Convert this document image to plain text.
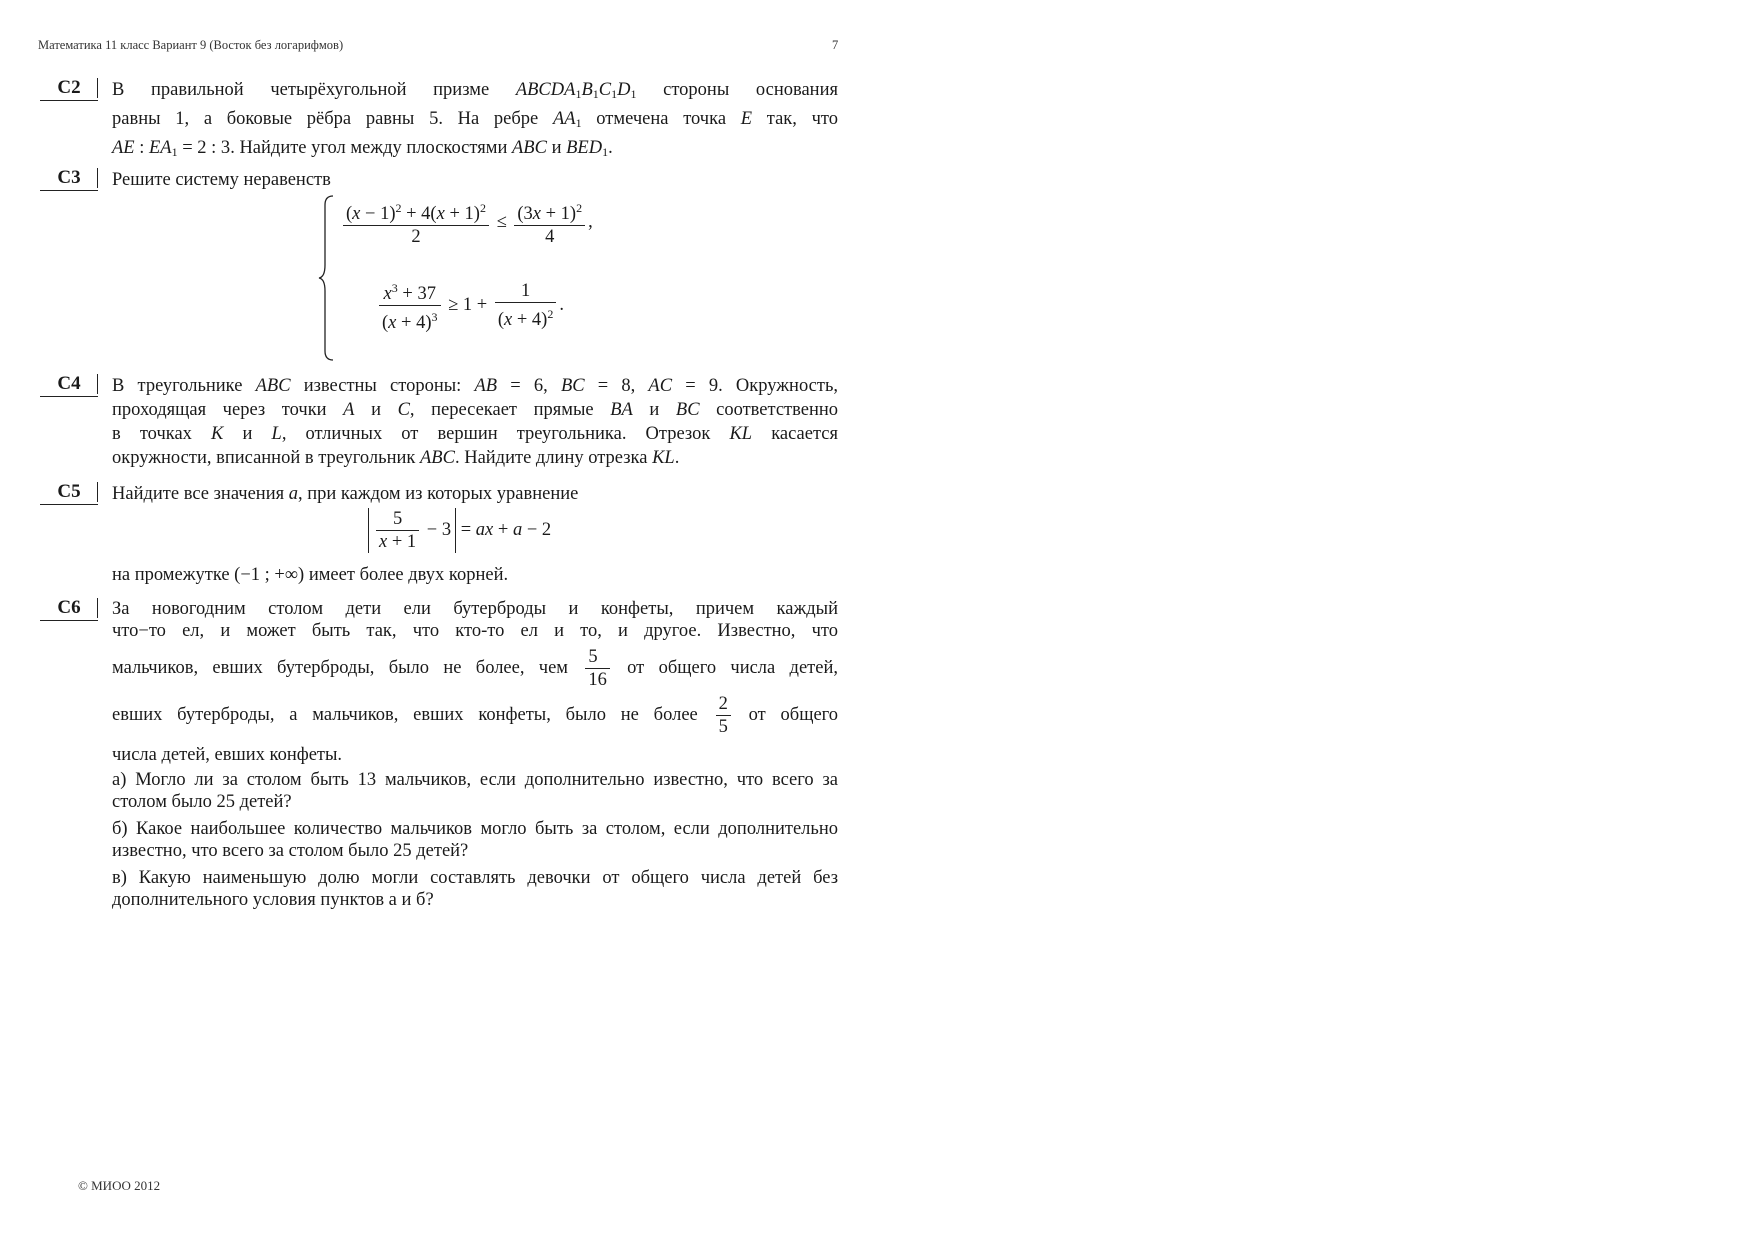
Математика 11 класс Вариант 9 (Восток без логарифмов)	7
C2	В правильной четырёхугольной призме $ABCDA_1B_1C_1D_1$ стороны основания
равны 1, а боковые рёбра равны 5. На ребре $AA_1$ отмечена точка E так, что
AE : $EA_1 = 2$ : 3. Найдите угол между плоскостями ABC и $BED_1$.
C3	Решите систему неравенств
$\frac{(x - 1)^2 + 4(x + 1)^2}{2} \le \frac{(3x + 1)^2}{4}$ ,
$\frac{x^3 + 37}{(x + 4)^3} \ge 1 + \frac{1}{(x + 4)^2}$ .
C4	В треугольнике ABC известны стороны: AB = 6, BC = 8, AC = 9. Окружность,
проходящая через точки A и C, пересекает прямые BA и BC соответственно
в точках K и L, отличных от вершин треугольника. Отрезок KL касается
окружности, вписанной в треугольник ABC. Найдите длину отрезка KL.
C5	Найдите все значения a, при каждом из которых уравнение
$\frac{5}{x + 1} - 3$ = ax + a − 2
на промежутке (−1 ; +∞) имеет более двух корней.
C6	За новогодним столом дети ели бутерброды и конфеты, причем каждый
что−то ел, и может быть так, что кто-то ел и то, и другое. Известно, что
мальчиков, евших бутерброды, было не более, чем $\frac{5}{16}$ от общего числа детей,
евших бутерброды, а мальчиков, евших конфеты, было не более $\frac{2}{5}$ от общего
числа детей, евших конфеты.
а) Могло ли за столом быть 13 мальчиков, если дополнительно известно, что всего за столом было 25 детей?
б) Какое наибольшее количество мальчиков могло быть за столом, если дополнительно известно, что всего за столом было 25 детей?
в) Какую наименьшую долю могли составлять девочки от общего числа детей без дополнительного условия пунктов а и б?
© МИОО 2012
